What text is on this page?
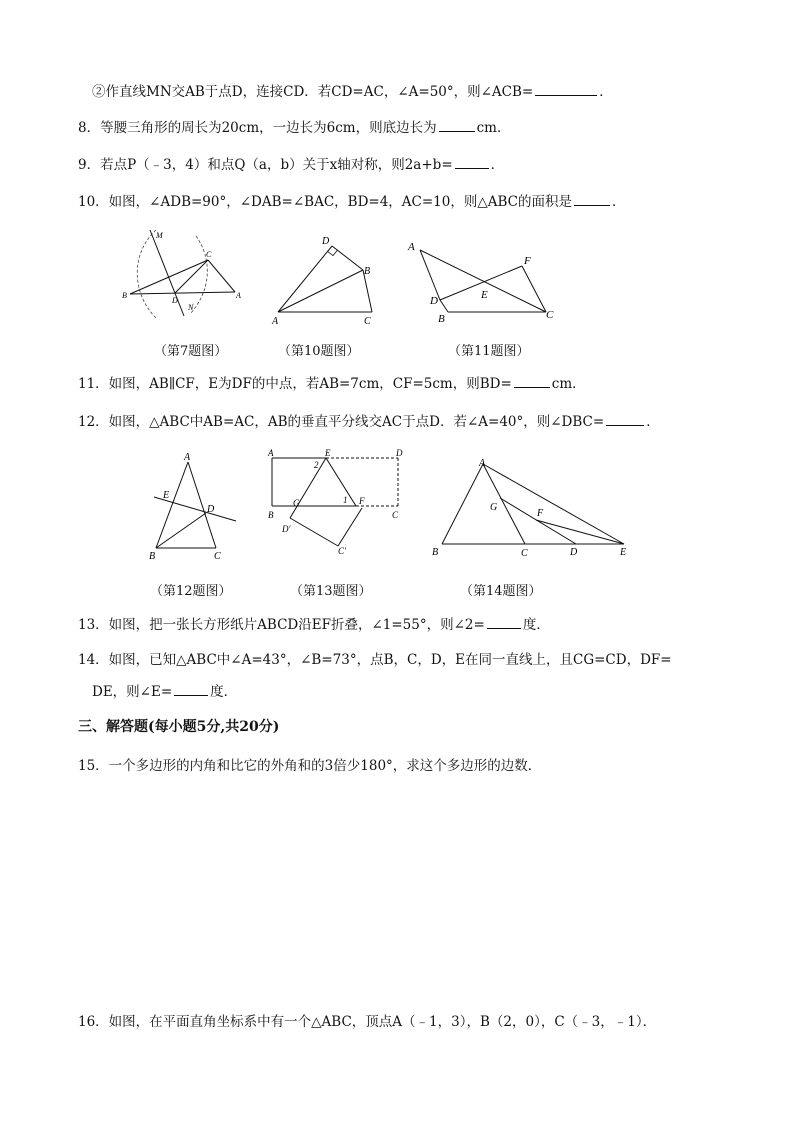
②作直线MN交AB于点D，连接CD．若CD=AC，∠A=50°，则∠ACB=	．
8．等腰三角形的周长为20cm，一边长为6cm，则底边长为	cm．
9．若点P（﹣3，4）和点Q（a，b）关于x轴对称，则2a+b=	．
10．如图，∠ADB=90°，∠DAB=∠BAC，BD=4，AC=10，则△ABC的面积是	．
M
C
B
D
N
A
D
B
A	C
A
F
E
D
B	C
（第7题图）	（第10题图）	（第11题图）
11．如图，AB∥CF，E为DF的中点，若AB=7cm，CF=5cm，则BD=	cm．
12．如图，△ABC中AB=AC，AB的垂直平分线交AC于点D．若∠A=40°，则∠DBC=	．
A
E
D
B	C
A	E	D
2
G	1 F
B	C
D′
C′
A
G
F
B	C	D	E
（第12题图）	（第13题图）	（第14题图）
13．如图，把一张长方形纸片ABCD沿EF折叠，∠1=55°，则∠2=	度．
14．如图，已知△ABC中∠A=43°，∠B=73°，点B，C，D，E在同一直线上，且CG=CD，DF=
DE，则∠E=	度．
三、解答题(每小题5分,共20分)
15．一个多边形的内角和比它的外角和的3倍少180°，求这个多边形的边数．
16．如图，在平面直角坐标系中有一个△ABC，顶点A（﹣1，3），B（2，0），C（﹣3，﹣1）．
